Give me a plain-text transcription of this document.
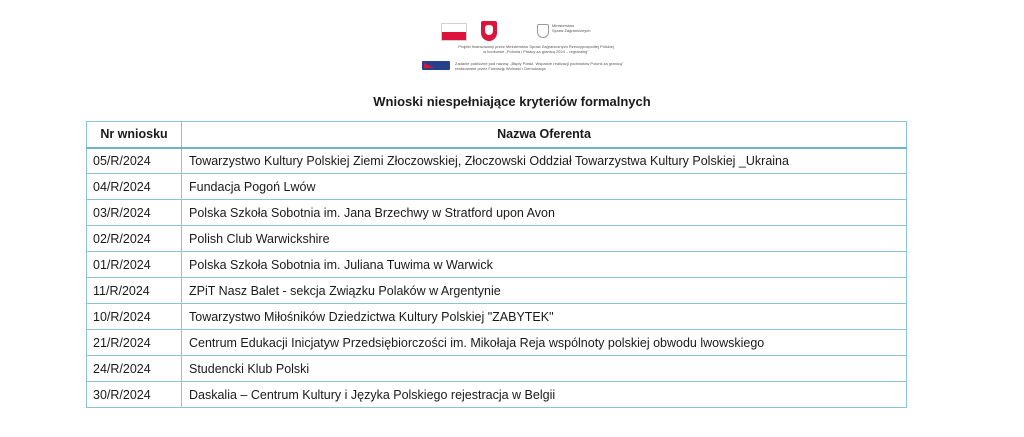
Ministerstwo
Spraw Zagranicznych
Projekt finansowany przez Ministerstwo Spraw Zagranicznych Rzeczypospolitej Polskiej
w konkursie „Polonia i Polacy za granicą 2024 – regranting"
Zadanie publiczne pod nazwą: „Błędy Polski. Wsparcie realizacji podmiotów Polonii za granicą"
realizowane przez Fundację Wolność i Demokracja
Wnioski niespełniające kryteriów formalnych
Nr wniosku	Nazwa Oferenta
05/R/2024	Towarzystwo Kultury Polskiej Ziemi Złoczowskiej, Złoczowski Oddział Towarzystwa Kultury Polskiej _Ukraina
04/R/2024	Fundacja Pogoń Lwów
03/R/2024	Polska Szkoła Sobotnia im. Jana Brzechwy w Stratford upon Avon
02/R/2024	Polish Club Warwickshire
01/R/2024	Polska Szkoła Sobotnia im. Juliana Tuwima w Warwick
11/R/2024	ZPiT Nasz Balet - sekcja Związku Polaków w Argentynie
10/R/2024	Towarzystwo Miłośników Dziedzictwa Kultury Polskiej "ZABYTEK"
21/R/2024	Centrum Edukacji Inicjatyw Przedsiębiorczości im. Mikołaja Reja wspólnoty polskiej obwodu lwowskiego
24/R/2024	Studencki Klub Polski
30/R/2024	Daskalia – Centrum Kultury i Języka Polskiego rejestracja w Belgii
